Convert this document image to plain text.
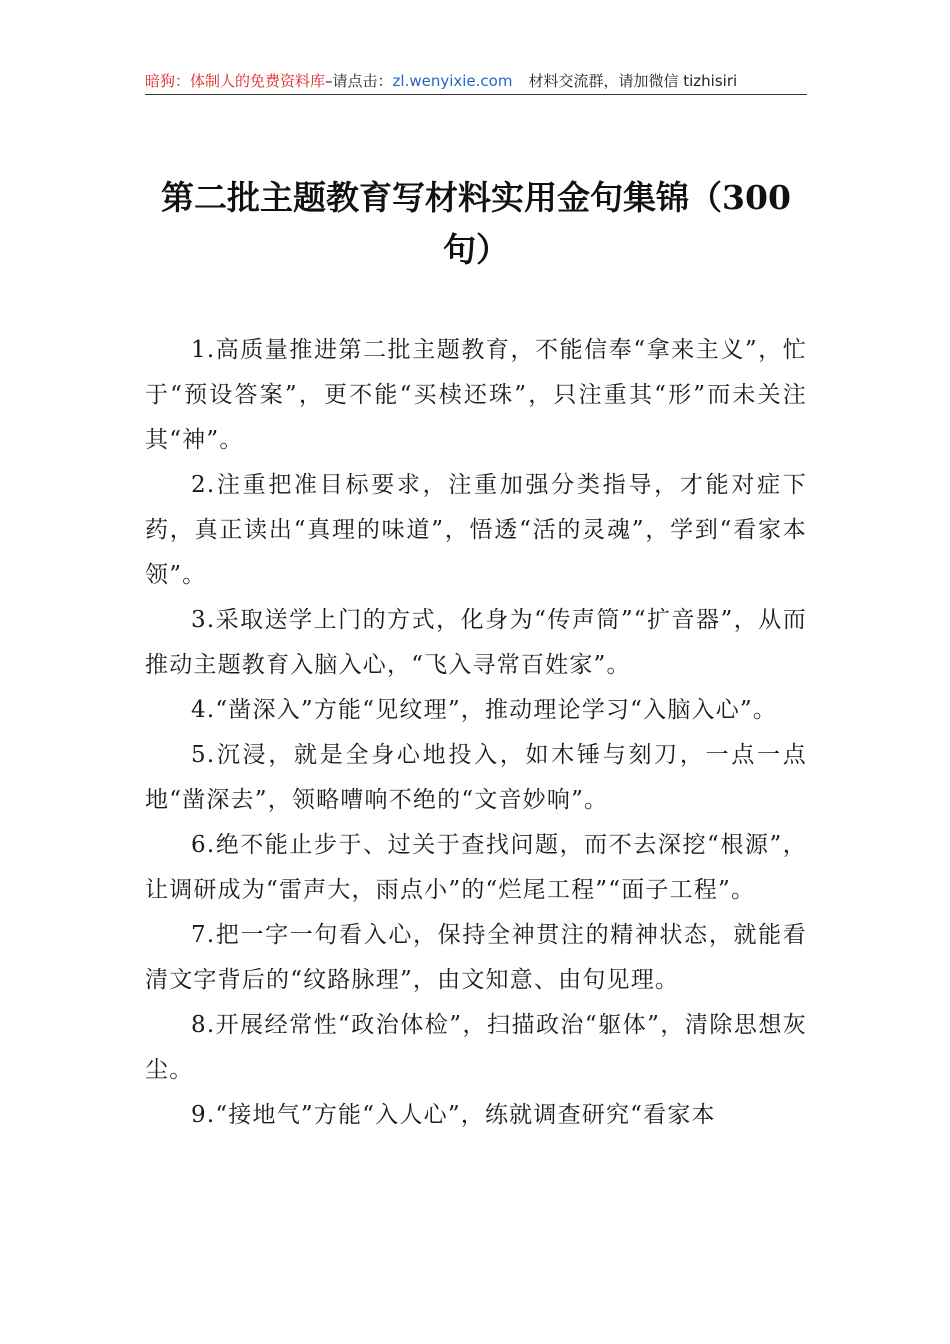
暗狗：体制人的免费资料库–请点击：zl.wenyixie.com 材料交流群，请加微信 tizhisiri
第二批主题教育写材料实用金句集锦（300句）

1.高质量推进第二批主题教育，不能信奉“拿来主义”，忙于“预设答案”，更不能“买椟还珠”，只注重其“形”而未关注其“神”。

2.注重把准目标要求，注重加强分类指导，才能对症下药，真正读出“真理的味道”，悟透“活的灵魂”，学到“看家本领”。

3.采取送学上门的方式，化身为“传声筒”“扩音器”，从而推动主题教育入脑入心，“飞入寻常百姓家”。

4.“凿深入”方能“见纹理”，推动理论学习“入脑入心”。

5.沉浸，就是全身心地投入，如木锤与刻刀，一点一点地“凿深去”，领略嘈响不绝的“文音妙响”。

6.绝不能止步于、过关于查找问题，而不去深挖“根源”，让调研成为“雷声大，雨点小”的“烂尾工程”“面子工程”。

7.把一字一句看入心，保持全神贯注的精神状态，就能看清文字背后的“纹路脉理”，由文知意、由句见理。

8.开展经常性“政治体检”，扫描政治“躯体”，清除思想灰尘。

9.“接地气”方能“入人心”，练就调查研究“看家本
